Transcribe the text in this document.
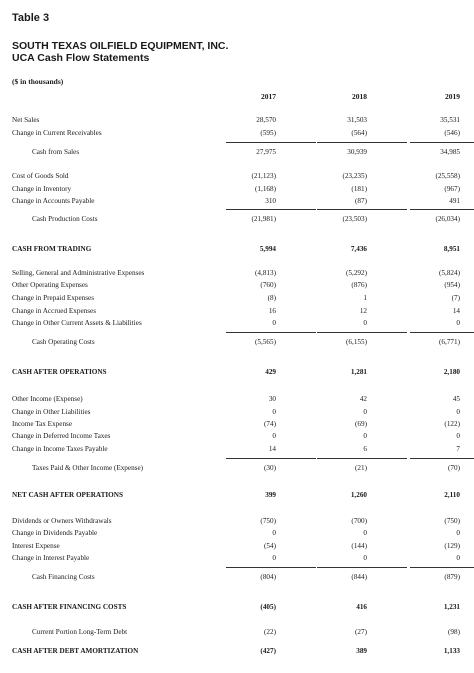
Table 3
SOUTH TEXAS OILFIELD EQUIPMENT, INC.
UCA Cash Flow Statements
($ in thousands)
2017	2018	2019
Net Sales	28,570	31,503	35,531
Change in Current Receivables	(595)	(564)	(546)
Cash from Sales	27,975	30,939	34,985
Cost of Goods Sold	(21,123)	(23,235)	(25,558)
Change in Inventory	(1,168)	(181)	(967)
Change in Accounts Payable	310	(87)	491
Cash Production Costs	(21,981)	(23,503)	(26,034)
CASH FROM TRADING	5,994	7,436	8,951
Selling, General and Administrative Expenses	(4,813)	(5,292)	(5,824)
Other Operating Expenses	(760)	(876)	(954)
Change in Prepaid Expenses	(8)	1	(7)
Change in Accrued Expenses	16	12	14
Change in Other Current Assets & Liabilities	0	0	0
Cash Operating Costs	(5,565)	(6,155)	(6,771)
CASH AFTER OPERATIONS	429	1,281	2,180
Other Income (Expense)	30	42	45
Change in Other Liabilities	0	0	0
Income Tax Expense	(74)	(69)	(122)
Change in Deferred Income Taxes	0	0	0
Change in Income Taxes Payable	14	6	7
Taxes Paid & Other Income (Expense)	(30)	(21)	(70)
NET CASH AFTER OPERATIONS	399	1,260	2,110
Dividends or Owners Withdrawals	(750)	(700)	(750)
Change in Dividends Payable	0	0	0
Interest Expense	(54)	(144)	(129)
Change in Interest Payable	0	0	0
Cash Financing Costs	(804)	(844)	(879)
CASH AFTER FINANCING COSTS	(405)	416	1,231
Current Portion Long-Term Debt	(22)	(27)	(98)
CASH AFTER DEBT AMORTIZATION	(427)	389	1,133
